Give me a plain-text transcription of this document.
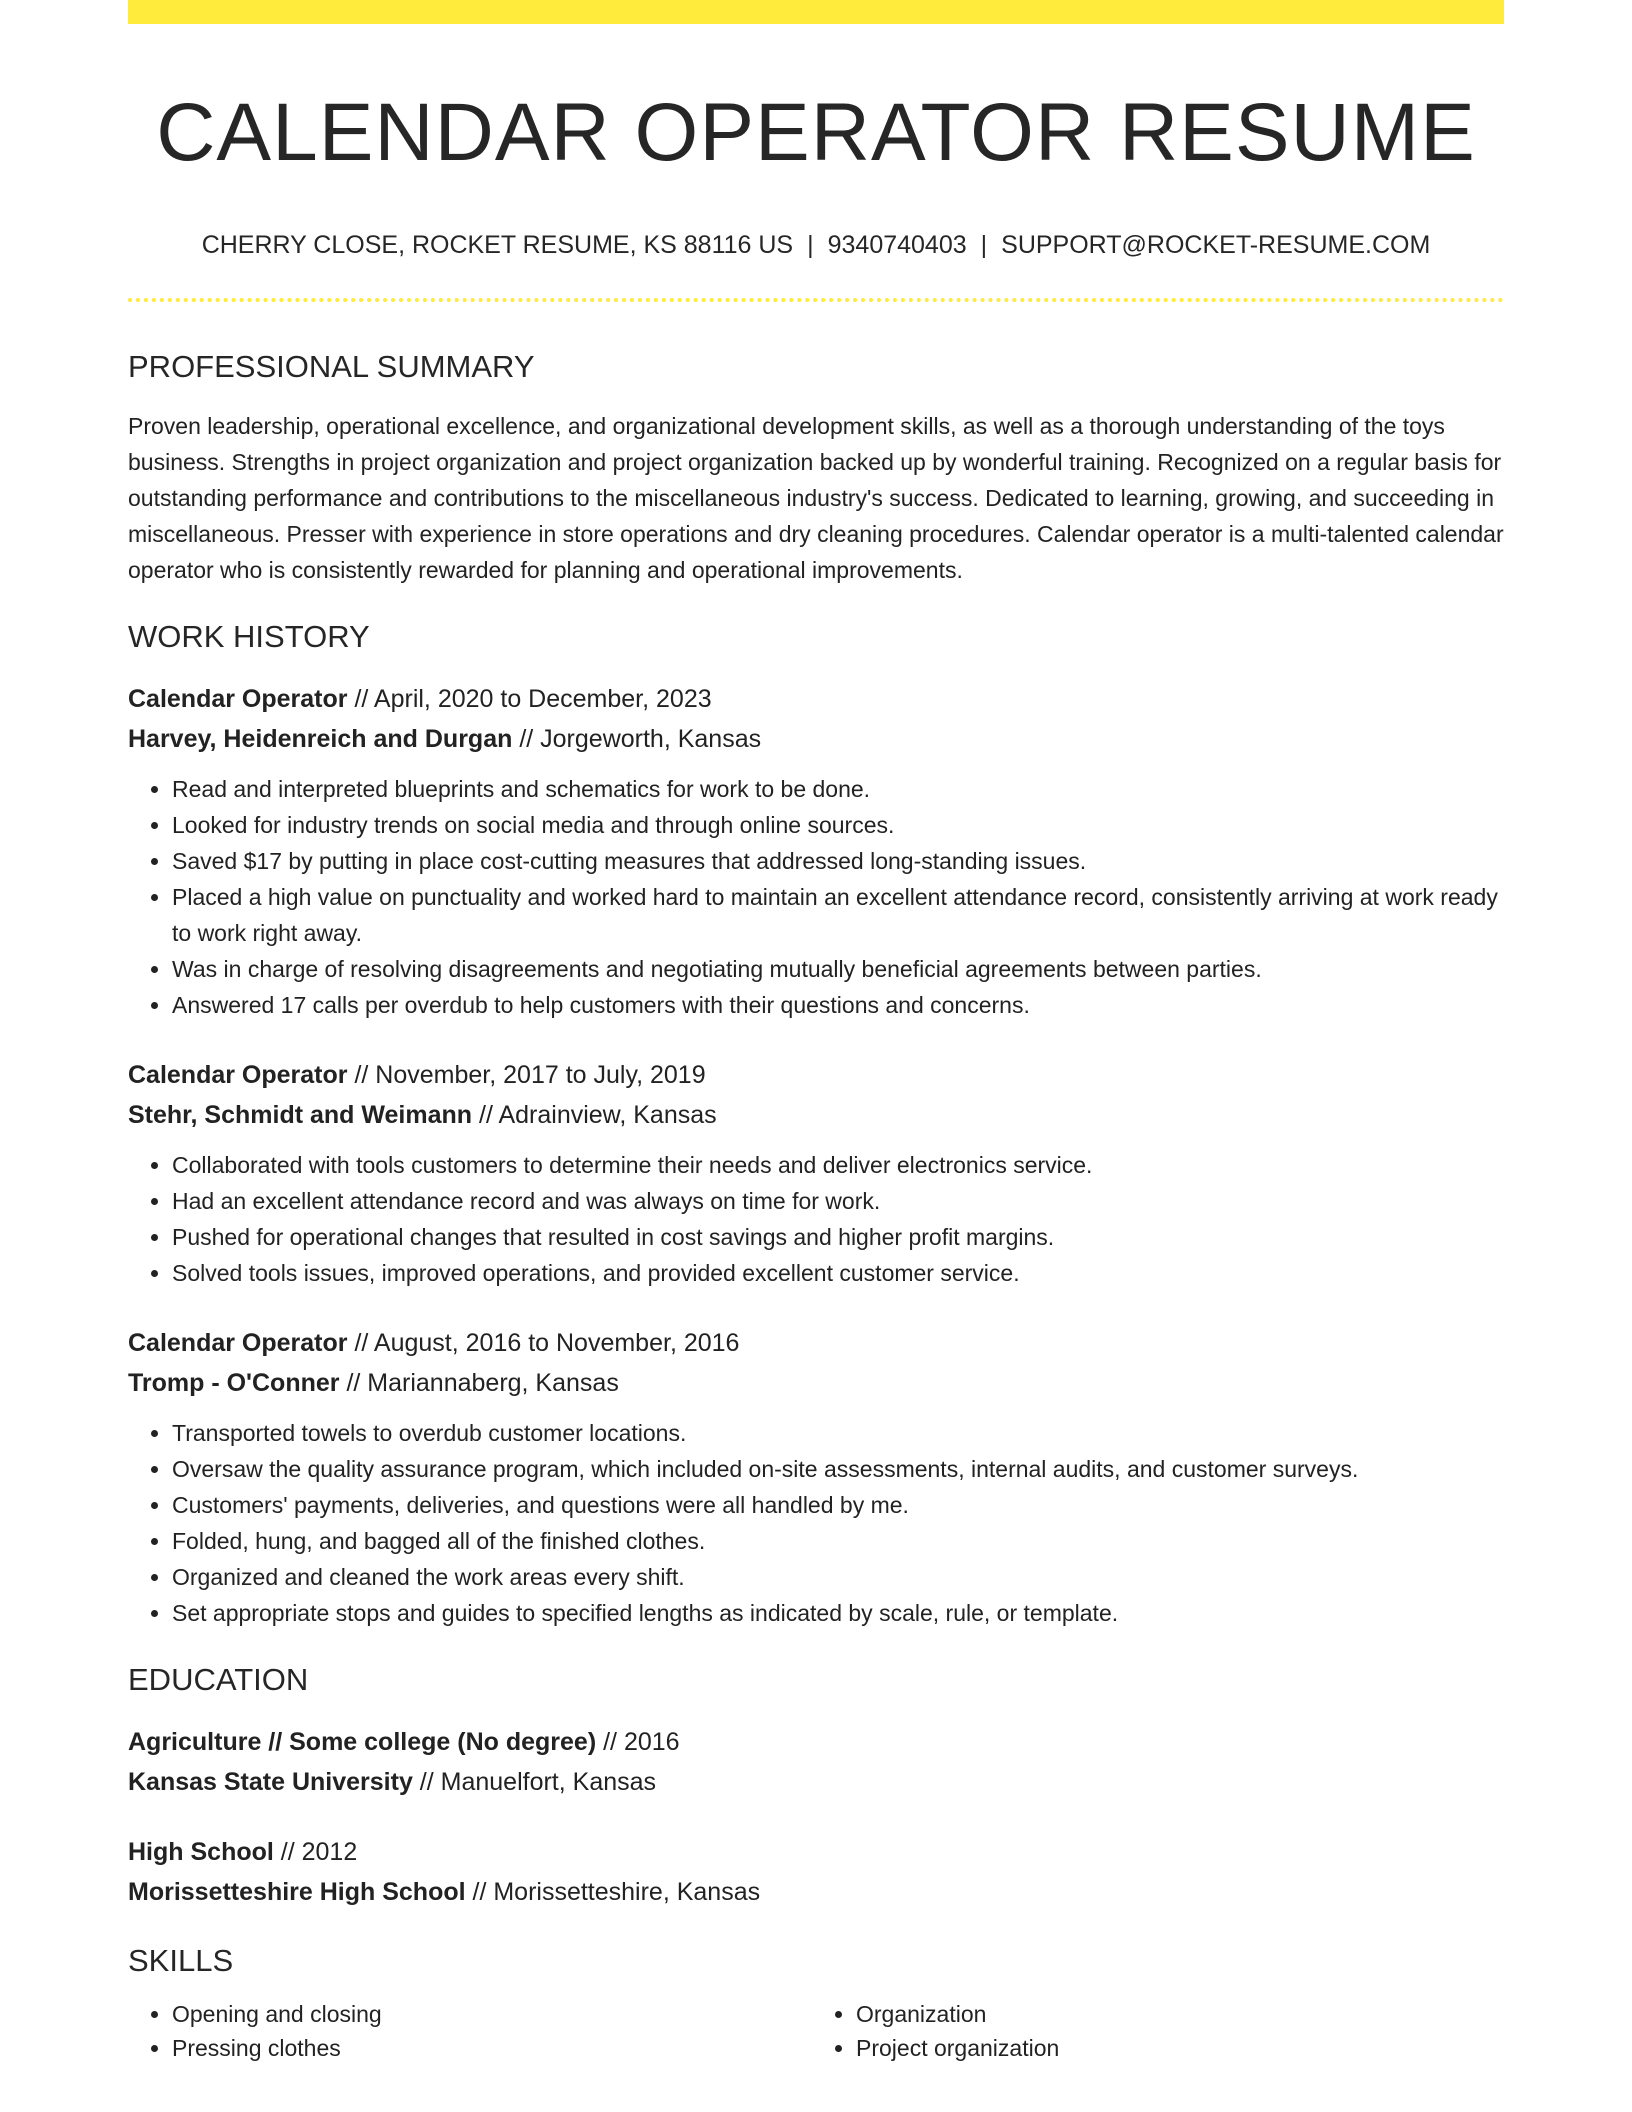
CALENDAR OPERATOR RESUME
CHERRY CLOSE, ROCKET RESUME, KS 88116 US | 9340740403 | SUPPORT@ROCKET-RESUME.COM
PROFESSIONAL SUMMARY
Proven leadership, operational excellence, and organizational development skills, as well as a thorough understanding of the toys business. Strengths in project organization and project organization backed up by wonderful training. Recognized on a regular basis for outstanding performance and contributions to the miscellaneous industry's success. Dedicated to learning, growing, and succeeding in miscellaneous. Presser with experience in store operations and dry cleaning procedures. Calendar operator is a multi-talented calendar operator who is consistently rewarded for planning and operational improvements.
WORK HISTORY
Calendar Operator // April, 2020 to December, 2023
Harvey, Heidenreich and Durgan // Jorgeworth, Kansas
• Read and interpreted blueprints and schematics for work to be done.
• Looked for industry trends on social media and through online sources.
• Saved $17 by putting in place cost-cutting measures that addressed long-standing issues.
• Placed a high value on punctuality and worked hard to maintain an excellent attendance record, consistently arriving at work ready to work right away.
• Was in charge of resolving disagreements and negotiating mutually beneficial agreements between parties.
• Answered 17 calls per overdub to help customers with their questions and concerns.
Calendar Operator // November, 2017 to July, 2019
Stehr, Schmidt and Weimann // Adrainview, Kansas
• Collaborated with tools customers to determine their needs and deliver electronics service.
• Had an excellent attendance record and was always on time for work.
• Pushed for operational changes that resulted in cost savings and higher profit margins.
• Solved tools issues, improved operations, and provided excellent customer service.
Calendar Operator // August, 2016 to November, 2016
Tromp - O'Conner // Mariannaberg, Kansas
• Transported towels to overdub customer locations.
• Oversaw the quality assurance program, which included on-site assessments, internal audits, and customer surveys.
• Customers' payments, deliveries, and questions were all handled by me.
• Folded, hung, and bagged all of the finished clothes.
• Organized and cleaned the work areas every shift.
• Set appropriate stops and guides to specified lengths as indicated by scale, rule, or template.
EDUCATION
Agriculture // Some college (No degree) // 2016
Kansas State University // Manuelfort, Kansas
High School // 2012
Morissetteshire High School // Morissetteshire, Kansas
SKILLS
• Opening and closing
• Pressing clothes
• Organization
• Project organization
